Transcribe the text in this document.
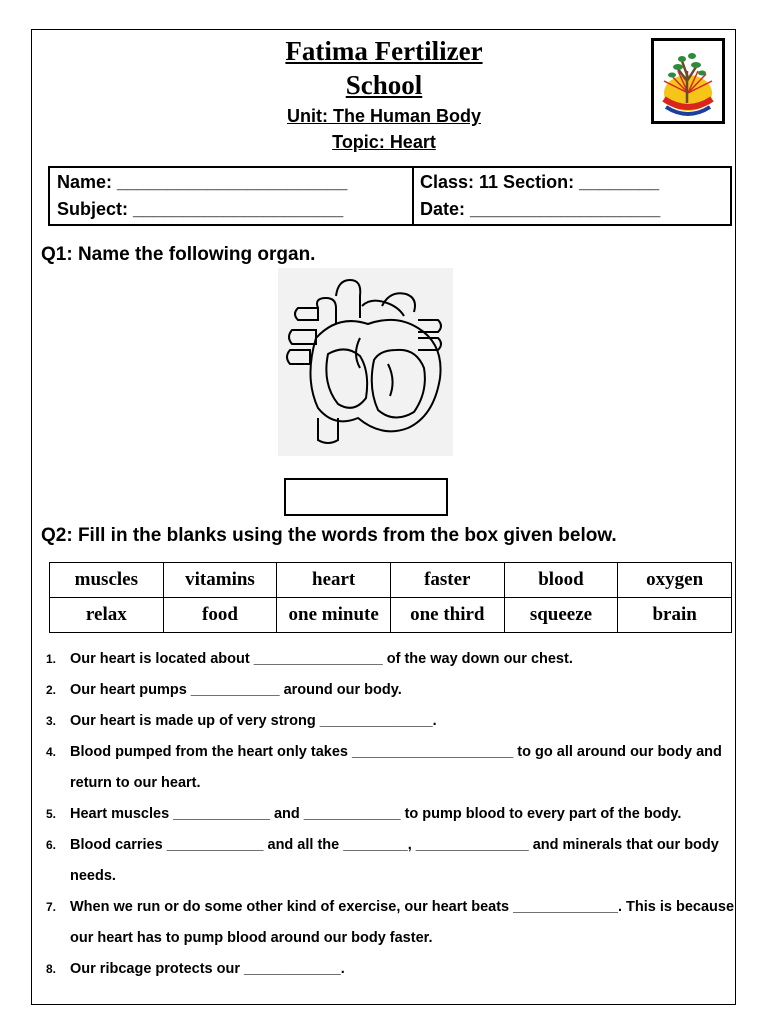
Fatima Fertilizer
School
Unit: The Human Body
Topic: Heart
Name: _______________________
Subject: _____________________
Class: 11 Section: ________
Date: ___________________
Q1: Name the following organ.
Q2: Fill in the blanks using the words from the box given below.
muscles	vitamins	heart	faster	blood	oxygen
relax	food	one minute	one third	squeeze	brain
1. Our heart is located about ________________ of the way down our chest.
2. Our heart pumps ___________ around our body.
3. Our heart is made up of very strong ______________.
4. Blood pumped from the heart only takes ____________________ to go all around our body and return to our heart.
5. Heart muscles ____________ and ____________ to pump blood to every part of the body.
6. Blood carries ____________ and all the ________, ______________ and minerals that our body needs.
7. When we run or do some other kind of exercise, our heart beats _____________. This is because our heart has to pump blood around our body faster.
8. Our ribcage protects our ____________.
